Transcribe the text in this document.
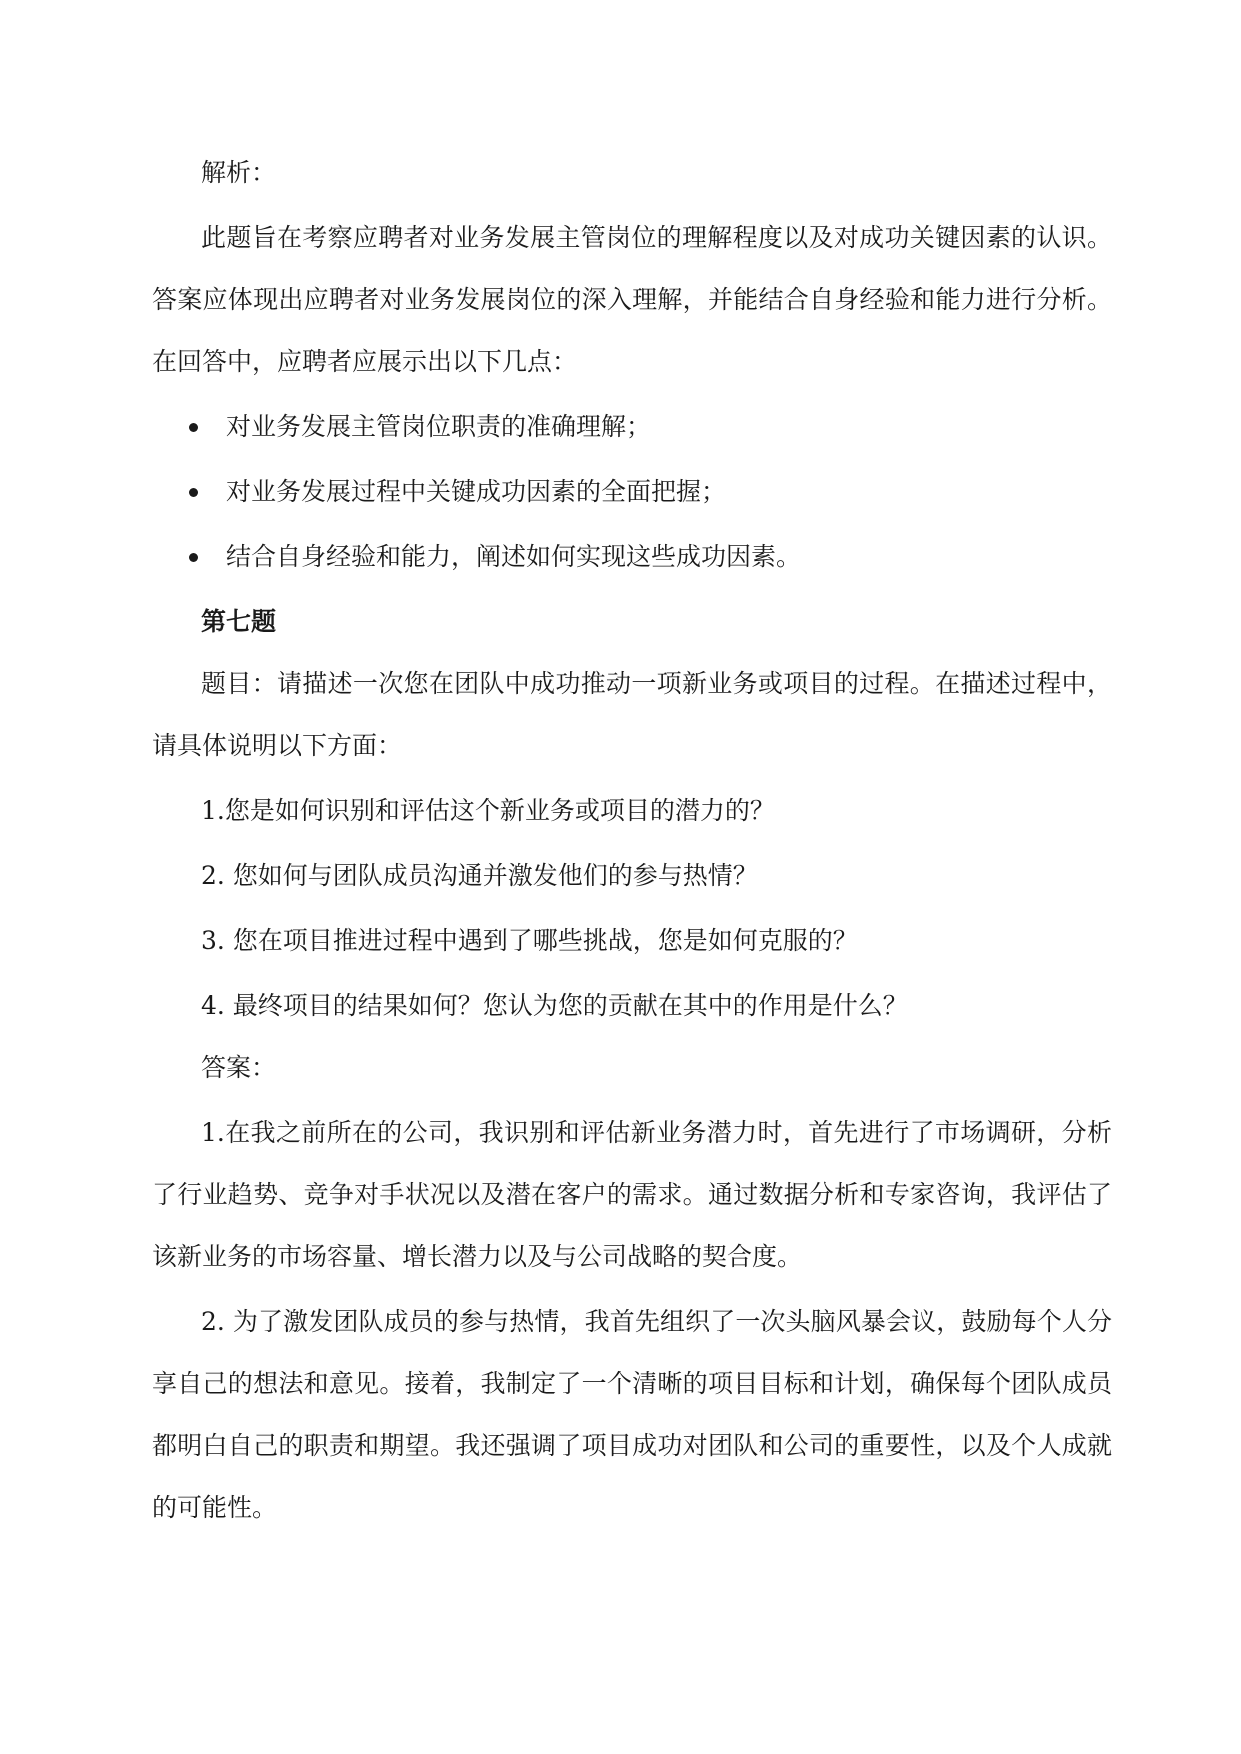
解析：
此题旨在考察应聘者对业务发展主管岗位的理解程度以及对成功关键因素的认识。答案应体现出应聘者对业务发展岗位的深入理解，并能结合自身经验和能力进行分析。在回答中，应聘者应展示出以下几点：
对业务发展主管岗位职责的准确理解；
对业务发展过程中关键成功因素的全面把握；
结合自身经验和能力，阐述如何实现这些成功因素。
第七题
题目：请描述一次您在团队中成功推动一项新业务或项目的过程。在描述过程中，请具体说明以下方面：
1.您是如何识别和评估这个新业务或项目的潜力的？
2. 您如何与团队成员沟通并激发他们的参与热情？
3. 您在项目推进过程中遇到了哪些挑战，您是如何克服的？
4. 最终项目的结果如何？您认为您的贡献在其中的作用是什么？
答案：
1.在我之前所在的公司，我识别和评估新业务潜力时，首先进行了市场调研，分析了行业趋势、竞争对手状况以及潜在客户的需求。通过数据分析和专家咨询，我评估了该新业务的市场容量、增长潜力以及与公司战略的契合度。
2. 为了激发团队成员的参与热情，我首先组织了一次头脑风暴会议，鼓励每个人分享自己的想法和意见。接着，我制定了一个清晰的项目目标和计划，确保每个团队成员都明白自己的职责和期望。我还强调了项目成功对团队和公司的重要性，以及个人成就的可能性。
